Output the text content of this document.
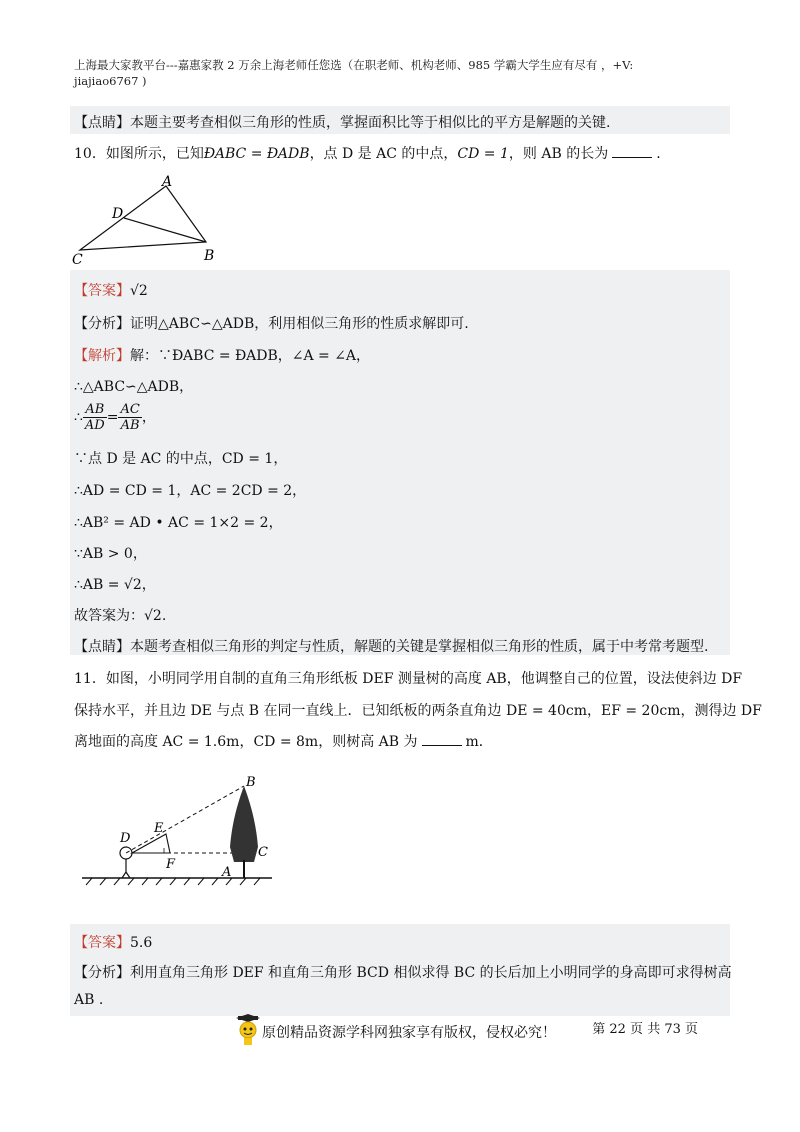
上海最大家教平台---嘉惠家教 2 万余上海老师任您选（在职老师、机构老师、985 学霸大学生应有尽有 ，+V:
jiajiao6767 )
【点睛】本题主要考查相似三角形的性质，掌握面积比等于相似比的平方是解题的关键.
10．如图所示，已知ÐABC = ÐADB，点 D 是 AC 的中点，CD = 1，则 AB 的长为	.
A
D
C	B
【答案】√2
【分析】证明△ABC∽△ADB，利用相似三角形的性质求解即可.
【解析】解：∵ÐABC = ÐADB，∠A = ∠A，
∴△ABC∽△ADB，
∴ $\frac{AB}{AD} = \frac{AC}{AB}$ ，
∵点 D 是 AC 的中点，CD = 1，
∴AD = CD = 1，AC = 2CD = 2，
∴AB² = AD • AC = 1×2 = 2，
∵AB > 0，
∴AB = √2，
故答案为：√2.
【点睛】本题考查相似三角形的判定与性质，解题的关键是掌握相似三角形的性质，属于中考常考题型.
11．如图，小明同学用自制的直角三角形纸板 DEF 测量树的高度 AB，他调整自己的位置，设法使斜边 DF
保持水平，并且边 DE 与点 B 在同一直线上．已知纸板的两条直角边 DE = 40cm，EF = 20cm，测得边 DF
离地面的高度 AC = 1.6m，CD = 8m，则树高 AB 为	m．
B
C
D
E
F
A
【答案】5.6
【分析】利用直角三角形 DEF 和直角三角形 BCD 相似求得 BC 的长后加上小明同学的身高即可求得树高
AB .
第 22 页 共 73 页
原创精品资源学科网独家享有版权，侵权必究！
